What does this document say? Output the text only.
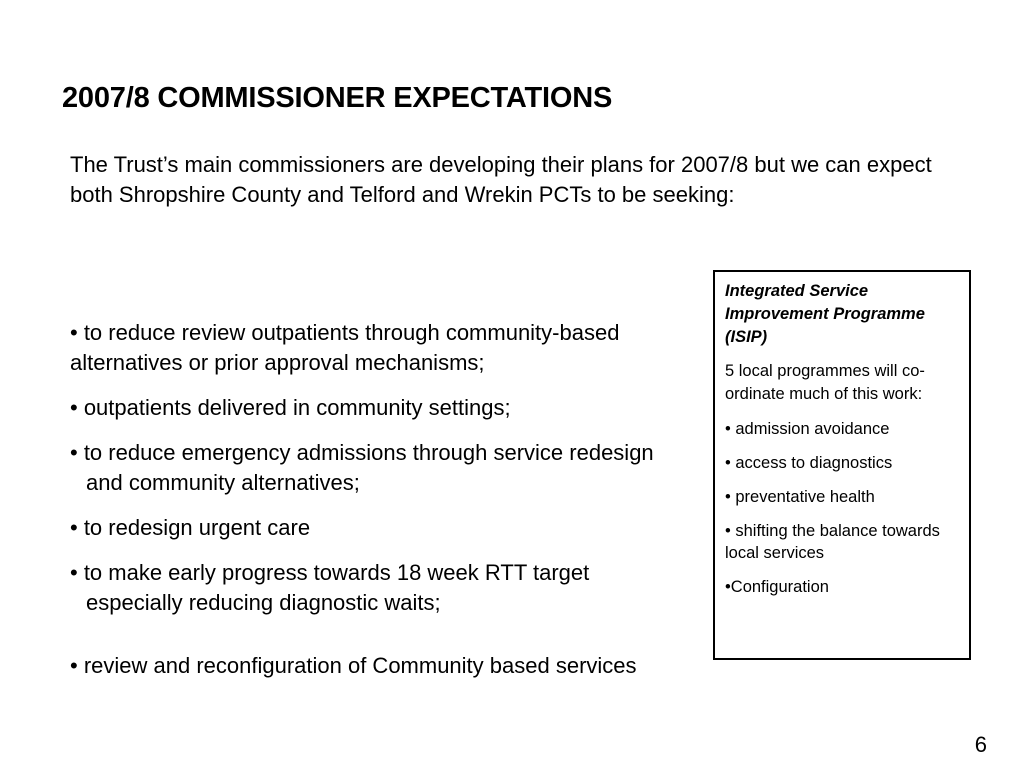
2007/8 COMMISSIONER EXPECTATIONS

The Trust’s main commissioners are developing their plans for 2007/8 but we can expect both Shropshire County and Telford and Wrekin PCTs to be seeking:

• to reduce review outpatients through community-based alternatives or prior approval mechanisms;
• outpatients delivered in community settings;
• to reduce emergency admissions through service redesign and community alternatives;
• to redesign urgent care
• to make early progress towards 18 week RTT target especially reducing diagnostic waits;
• review and reconfiguration of Community based services

Integrated Service Improvement Programme (ISIP)

5 local programmes will co-ordinate much of this work:

• admission avoidance
• access to diagnostics
• preventative health
• shifting the balance towards local services
•Configuration
6
